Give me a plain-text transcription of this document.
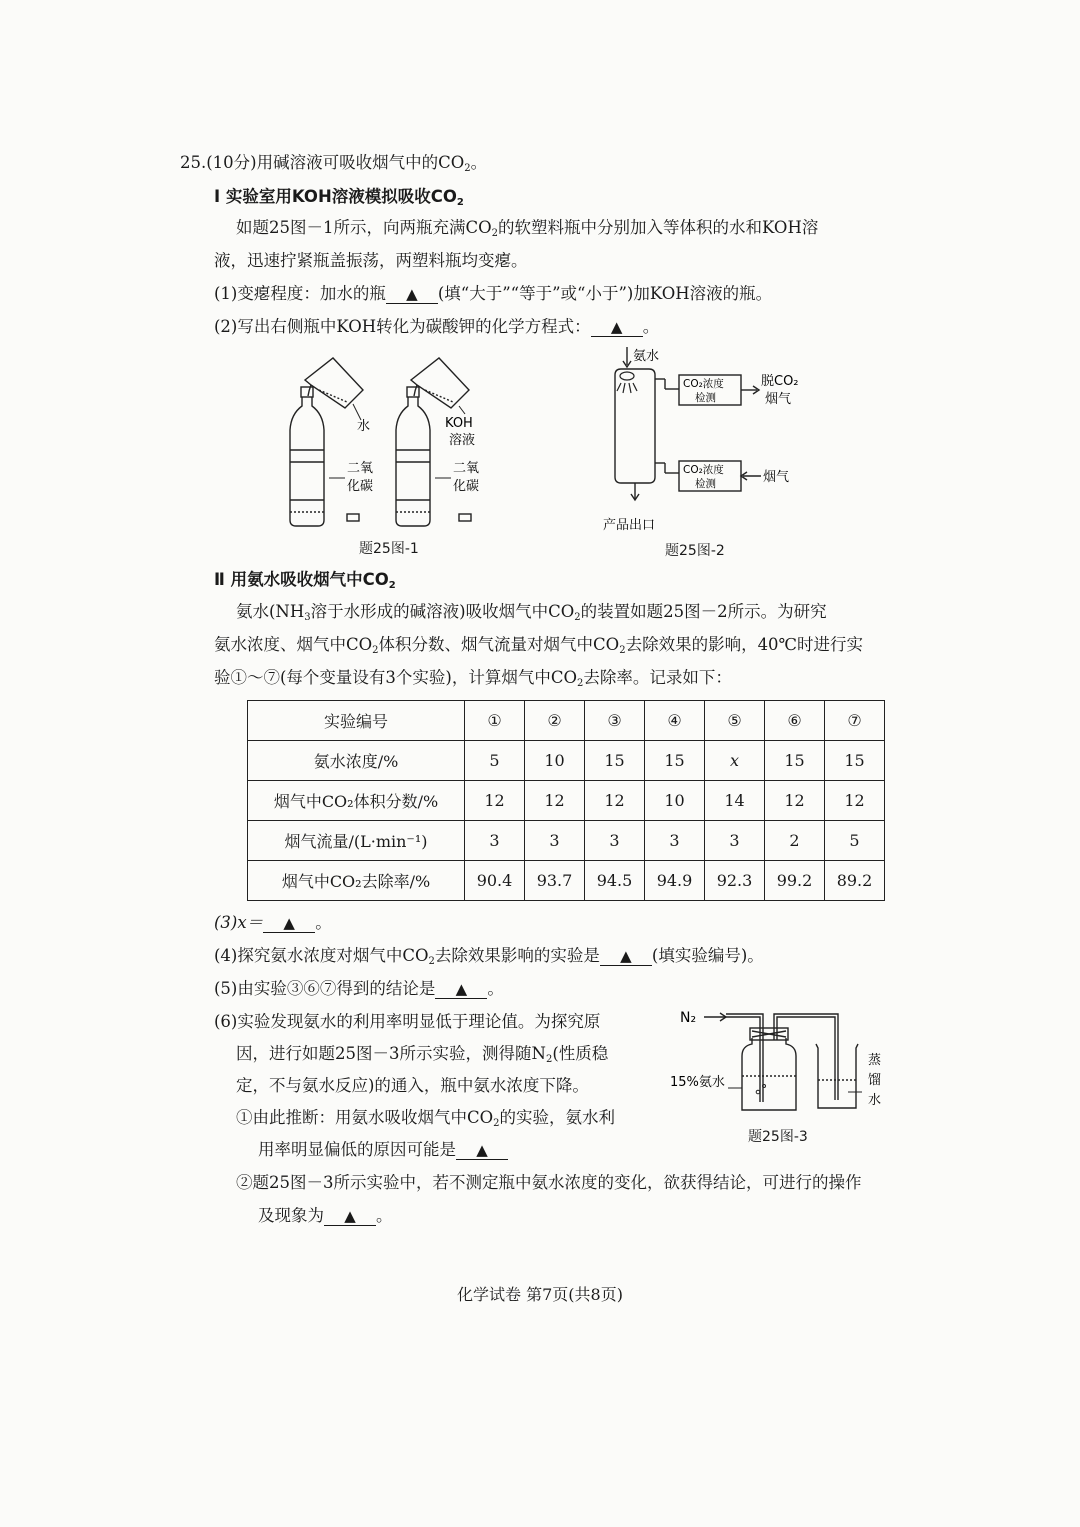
25.(10分)用碱溶液可吸收烟气中的$CO_2$。
Ⅰ 实验室用KOH溶液模拟吸收$CO_2$
如题25图－1所示，向两瓶充满$CO_2$的软塑料瓶中分别加入等体积的水和KOH溶
液，迅速拧紧瓶盖振荡，两塑料瓶均变瘪。
(1)变瘪程度：加水的瓶 ▲ (填“大于”“等于”或“小于”)加KOH溶液的瓶。
(2)写出右侧瓶中KOH转化为碳酸钾的化学方程式： ▲ 。
水
二氧
化碳
KOH
溶液
二氧
化碳
题25图-1
氨水
CO₂浓度
检测
脱CO₂
烟气
CO₂浓度
检测	烟气
产品出口
题25图-2
Ⅱ 用氨水吸收烟气中$CO_2$
氨水($NH_3$溶于水形成的碱溶液)吸收烟气中$CO_2$的装置如题25图－2所示。为研究
氨水浓度、烟气中$CO_2$体积分数、烟气流量对烟气中$CO_2$去除效果的影响，40℃时进行实
验①～⑦(每个变量设有3个实验)，计算烟气中$CO_2$去除率。记录如下：
实验编号	①	②	③	④	⑤	⑥	⑦
氨水浓度/%	5	10	15	15	x	15	15
烟气中CO₂体积分数/%	12	12	12	10	14	12	12
烟气流量/(L·min⁻¹)	3	3	3	3	3	2	5
烟气中CO₂去除率/%	90.4	93.7	94.5	94.9	92.3	99.2	89.2
(3)x＝ ▲ 。
(4)探究氨水浓度对烟气中$CO_2$去除效果影响的实验是 ▲ (填实验编号)。
(5)由实验③⑥⑦得到的结论是 ▲ 。
(6)实验发现氨水的利用率明显低于理论值。为探究原
因，进行如题25图－3所示实验，测得随$N_2$(性质稳
定，不与氨水反应)的通入，瓶中氨水浓度下降。
①由此推断：用氨水吸收烟气中$CO_2$的实验，氨水利
用率明显偏低的原因可能是 ▲
②题25图－3所示实验中，若不测定瓶中氨水浓度的变化，欲获得结论，可进行的操作
及现象为 ▲ 。
N₂
15%氨水
蒸
馏
水
题25图-3
化学试卷 第7页(共8页)
